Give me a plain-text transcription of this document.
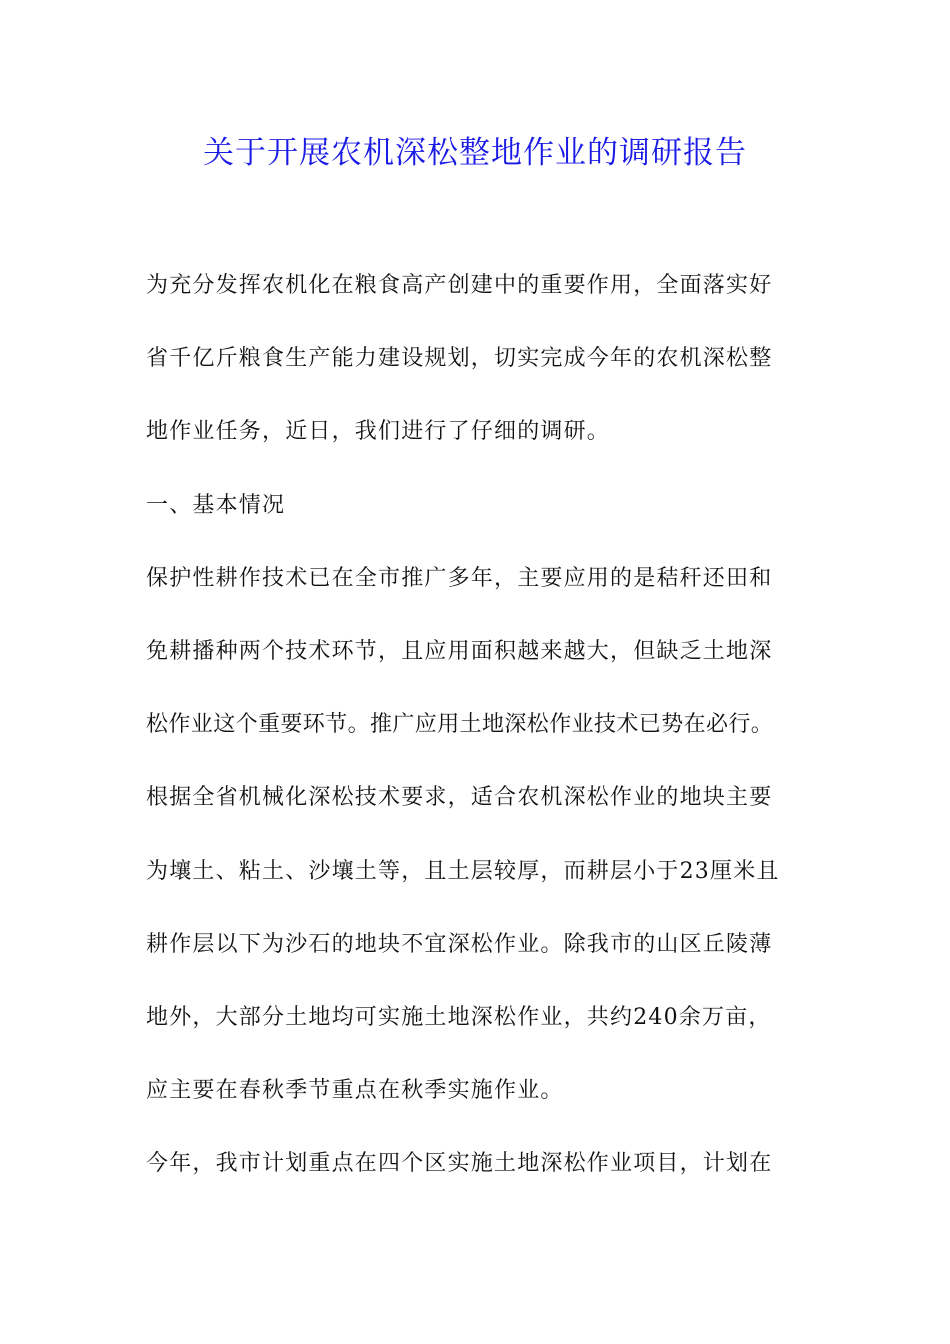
关于开展农机深松整地作业的调研报告
为充分发挥农机化在粮食高产创建中的重要作用，全面落实好
省千亿斤粮食生产能力建设规划，切实完成今年的农机深松整
地作业任务，近日，我们进行了仔细的调研。
一、基本情况
保护性耕作技术已在全市推广多年，主要应用的是秸秆还田和
免耕播种两个技术环节，且应用面积越来越大，但缺乏土地深
松作业这个重要环节。推广应用土地深松作业技术已势在必行。
根据全省机械化深松技术要求，适合农机深松作业的地块主要
为壤土、粘土、沙壤土等，且土层较厚，而耕层小于23厘米且
耕作层以下为沙石的地块不宜深松作业。除我市的山区丘陵薄
地外，大部分土地均可实施土地深松作业，共约240余万亩，
应主要在春秋季节重点在秋季实施作业。
今年，我市计划重点在四个区实施土地深松作业项目，计划在
